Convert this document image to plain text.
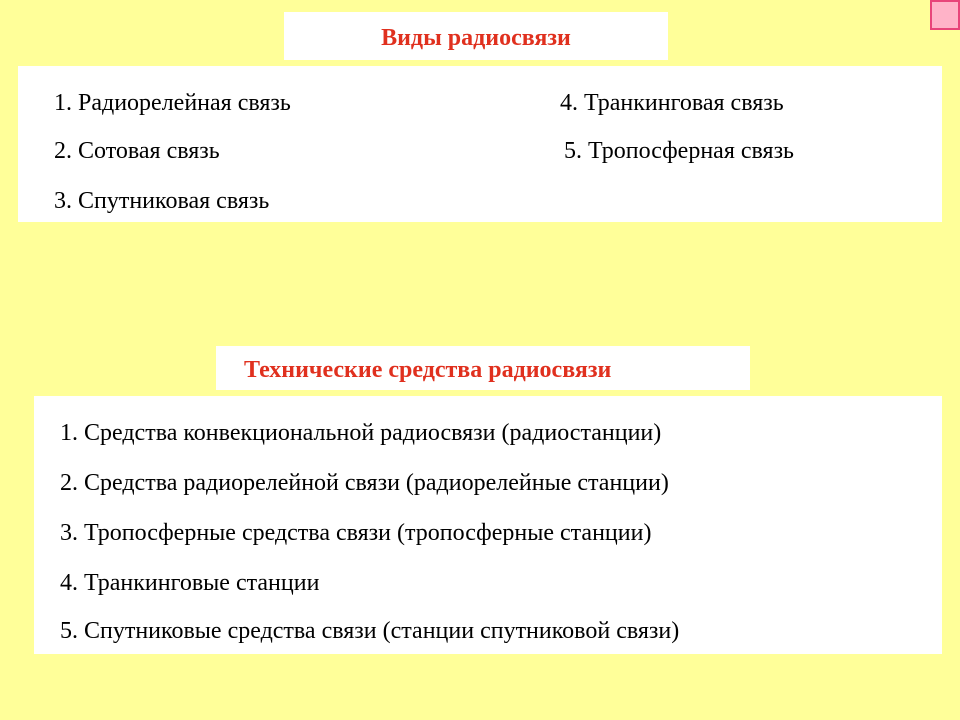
Виды радиосвязи
1. Радиорелейная связь
2. Сотовая связь
3. Спутниковая связь
4. Транкинговая связь
5. Тропосферная связь
Технические средства радиосвязи
1. Средства конвекциональной радиосвязи (радиостанции)
2. Средства радиорелейной связи (радиорелейные станции)
3. Тропосферные средства связи (тропосферные станции)
4. Транкинговые станции
5. Спутниковые средства связи (станции спутниковой связи)
